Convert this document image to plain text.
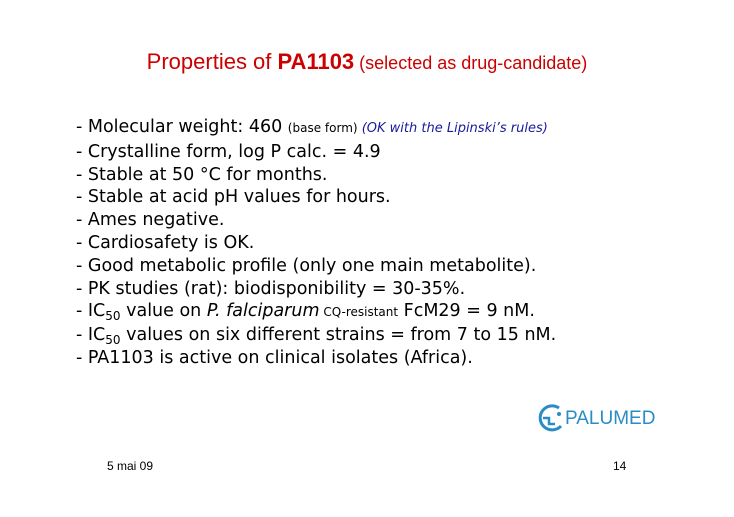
Properties of PA1103 (selected as drug-candidate)
- Molecular weight: 460 (base form) (OK with the Lipinski’s rules)
- Crystalline form, log P calc. = 4.9
- Stable at 50 °C for months.
- Stable at acid pH values for hours.
- Ames negative.
- Cardiosafety is OK.
- Good metabolic profile (only one main metabolite).
- PK studies (rat): biodisponibility = 30-35%.
- $IC_{50}$ value on P. falciparum CQ-resistant FcM29 = 9 nM.
- $IC_{50}$ values on six different strains = from 7 to 15 nM.
- PA1103 is active on clinical isolates (Africa).
PALUMED
5 mai 09	14
